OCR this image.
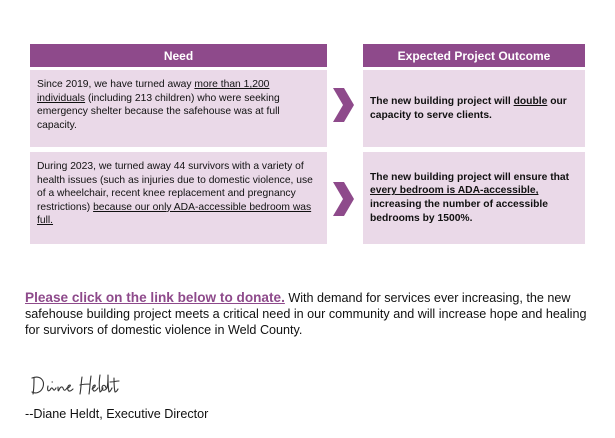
Need	Expected Project Outcome
Since 2019, we have turned away more than 1,200 individuals (including 213 children) who were seeking emergency shelter because the safehouse was at full capacity.
The new building project will double our capacity to serve clients.
During 2023, we turned away 44 survivors with a variety of health issues (such as injuries due to domestic violence, use of a wheelchair, recent knee replacement and pregnancy restrictions) because our only ADA-accessible bedroom was full.
The new building project will ensure that every bedroom is ADA-accessible, increasing the number of accessible bedrooms by 1500%.
Please click on the link below to donate. With demand for services ever increasing, the new safehouse building project meets a critical need in our community and will increase hope and healing for survivors of domestic violence in Weld County.
--Diane Heldt, Executive Director
